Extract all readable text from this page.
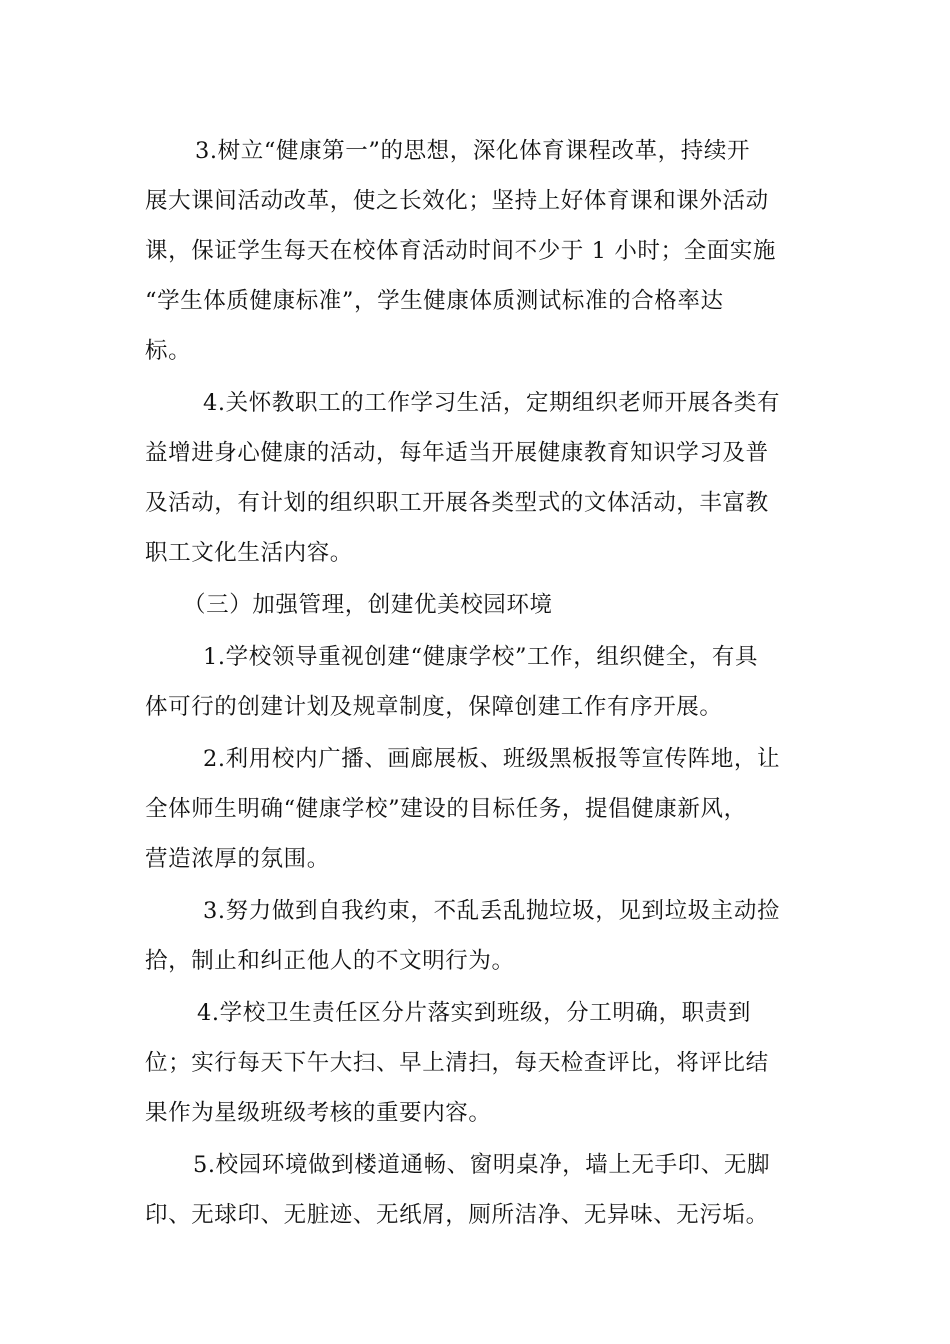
3.树立“健康第一”的思想，深化体育课程改革，持续开
展大课间活动改革，使之长效化；坚持上好体育课和课外活动
课，保证学生每天在校体育活动时间不少于 1 小时；全面实施
“学生体质健康标准”，学生健康体质测试标准的合格率达
标。
4.关怀教职工的工作学习生活，定期组织老师开展各类有
益增进身心健康的活动，每年适当开展健康教育知识学习及普
及活动，有计划的组织职工开展各类型式的文体活动，丰富教
职工文化生活内容。
（三）加强管理，创建优美校园环境
1.学校领导重视创建“健康学校”工作，组织健全，有具
体可行的创建计划及规章制度，保障创建工作有序开展。
2.利用校内广播、画廊展板、班级黑板报等宣传阵地，让
全体师生明确“健康学校”建设的目标任务，提倡健康新风，
营造浓厚的氛围。
3.努力做到自我约束，不乱丢乱抛垃圾，见到垃圾主动捡
拾，制止和纠正他人的不文明行为。
4.学校卫生责任区分片落实到班级，分工明确，职责到
位；实行每天下午大扫、早上清扫，每天检查评比，将评比结
果作为星级班级考核的重要内容。
5.校园环境做到楼道通畅、窗明桌净，墙上无手印、无脚
印、无球印、无脏迹、无纸屑，厕所洁净、无异味、无污垢。
